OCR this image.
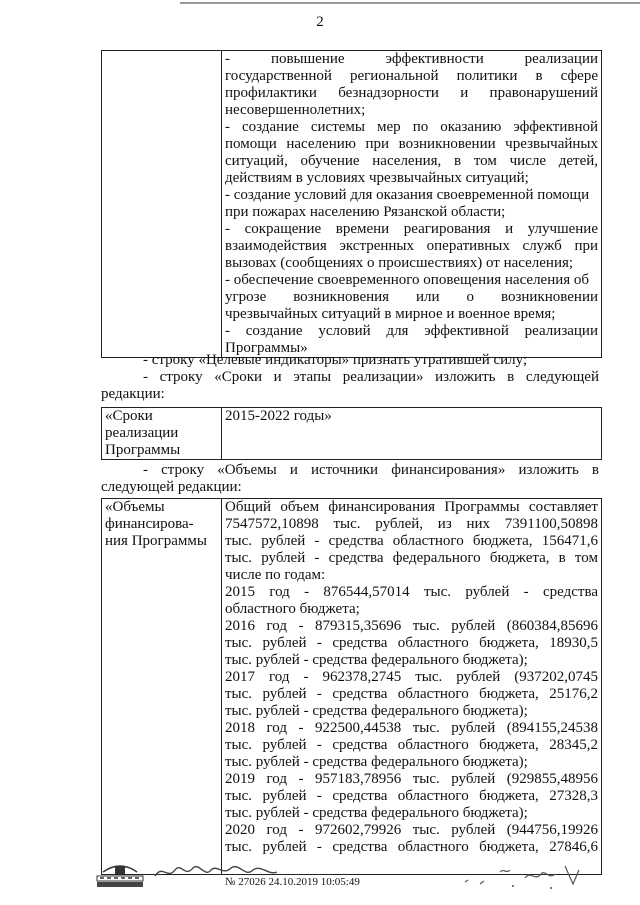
2

- повышение эффективности реализации
государственной региональной политики в сфере
профилактики безнадзорности и правонарушений
несовершеннолетних;
- создание системы мер по оказанию эффективной
помощи населению при возникновении чрезвычайных
ситуаций, обучение населения, в том числе детей,
действиям в условиях чрезвычайных ситуаций;
- создание условий для оказания своевременной помощи
при пожарах населению Рязанской области;
- сокращение времени реагирования и улучшение
взаимодействия экстренных оперативных служб при
вызовах (сообщениях о происшествиях) от населения;
- обеспечение своевременного оповещения населения об
угрозе возникновения или о возникновении
чрезвычайных ситуаций в мирное и военное время;
- создание условий для эффективной реализации
Программы»
- строку «Целевые индикаторы» признать утратившей силу;
- строку «Сроки и этапы реализации» изложить в следующей
редакции:
«Сроки
реализации
Программы
	2015-2022 годы»
- строку «Объемы и источники финансирования» изложить в
следующей редакции:
«Объемы
финансирова-
ния Программы

Общий объем финансирования Программы составляет
7547572,10898 тыс. рублей, из них 7391100,50898
тыс. рублей - средства областного бюджета, 156471,6
тыс. рублей - средства федерального бюджета, в том
числе по годам:
2015 год - 876544,57014 тыс. рублей - средства
областного бюджета;
2016 год - 879315,35696 тыс. рублей (860384,85696
тыс. рублей - средства областного бюджета, 18930,5
тыс. рублей - средства федерального бюджета);
2017 год - 962378,2745 тыс. рублей (937202,0745
тыс. рублей - средства областного бюджета, 25176,2
тыс. рублей - средства федерального бюджета);
2018 год - 922500,44538 тыс. рублей (894155,24538
тыс. рублей - средства областного бюджета, 28345,2
тыс. рублей - средства федерального бюджета);
2019 год - 957183,78956 тыс. рублей (929855,48956
тыс. рублей - средства областного бюджета, 27328,3
тыс. рублей - средства федерального бюджета);
2020 год - 972602,79926 тыс. рублей (944756,19926
тыс. рублей - средства областного бюджета, 27846,6
№ 27026 24.10.2019 10:05:49
